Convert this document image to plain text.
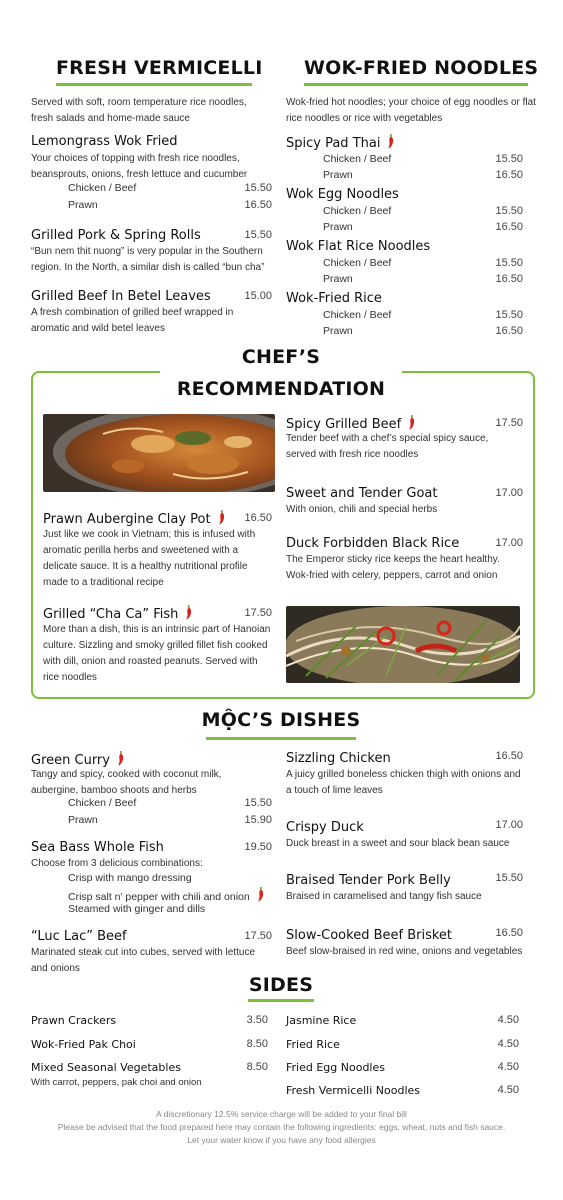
FRESH VERMICELLI
Served with soft, room temperature rice noodles, fresh salads and home-made sauce
Lemongrass Wok Fried
Your choices of topping with fresh rice noodles, beansprouts, onions, fresh lettuce and cucumber
Chicken / Beef	15.50
Prawn	16.50
Grilled Pork & Spring Rolls	15.50
“Bun nem thit nuong” is very popular in the Southern region. In the North, a similar dish is called “bun cha”
Grilled Beef In Betel Leaves	15.00
A fresh combination of grilled beef wrapped in aromatic and wild betel leaves
WOK-FRIED NOODLES
Wok-fried hot noodles; your choice of egg noodles or flat rice noodles or rice with vegetables
Spicy Pad Thai
Chicken / Beef	15.50
Prawn	16.50
Wok Egg Noodles
Chicken / Beef	15.50
Prawn	16.50
Wok Flat Rice Noodles
Chicken / Beef	15.50
Prawn	16.50
Wok-Fried Rice
Chicken / Beef	15.50
Prawn	16.50
CHEF’S
RECOMMENDATION
Prawn Aubergine Clay Pot	16.50
Just like we cook in Vietnam; this is infused with aromatic perilla herbs and sweetened with a delicate sauce. It is a healthy nutritional profile made to a traditional recipe
Grilled “Cha Ca” Fish	17.50
More than a dish, this is an intrinsic part of Hanoian culture. Sizzling and smoky grilled fillet fish cooked with dill, onion and roasted peanuts. Served with rice noodles
Spicy Grilled Beef	17.50
Tender beef with a chef’s special spicy sauce, served with fresh rice noodles
Sweet and Tender Goat	17.00
With onion, chili and special herbs
Duck Forbidden Black Rice	17.00
The Emperor sticky rice keeps the heart healthy. Wok-fried with celery, peppers, carrot and onion
MỘC’S DISHES
Green Curry
Tangy and spicy, cooked with coconut milk, aubergine, bamboo shoots and herbs
Chicken / Beef	15.50
Prawn	15.90
Sea Bass Whole Fish	19.50
Choose from 3 delicious combinations:
Crisp with mango dressing
Crisp salt n’ pepper with chili and onion
Steamed with ginger and dills
“Luc Lac” Beef	17.50
Marinated steak cut into cubes, served with lettuce and onions
Sizzling Chicken	16.50
A juicy grilled boneless chicken thigh with onions and a touch of lime leaves
Crispy Duck	17.00
Duck breast in a sweet and sour black bean sauce
Braised Tender Pork Belly	15.50
Braised in caramelised and tangy fish sauce
Slow-Cooked Beef Brisket	16.50
Beef slow-braised in red wine, onions and vegetables
SIDES
Prawn Crackers	3.50
Wok-Fried Pak Choi	8.50
Mixed Seasonal Vegetables	8.50
With carrot, peppers, pak choi and onion
Jasmine Rice	4.50
Fried Rice	4.50
Fried Egg Noodles	4.50
Fresh Vermicelli Noodles	4.50
A discretionary 12.5% service charge will be added to your final bill
Please be advised that the food prepared here may contain the following ingredients: eggs, wheat, nuts and fish sauce. Let your water know if you have any food allergies
